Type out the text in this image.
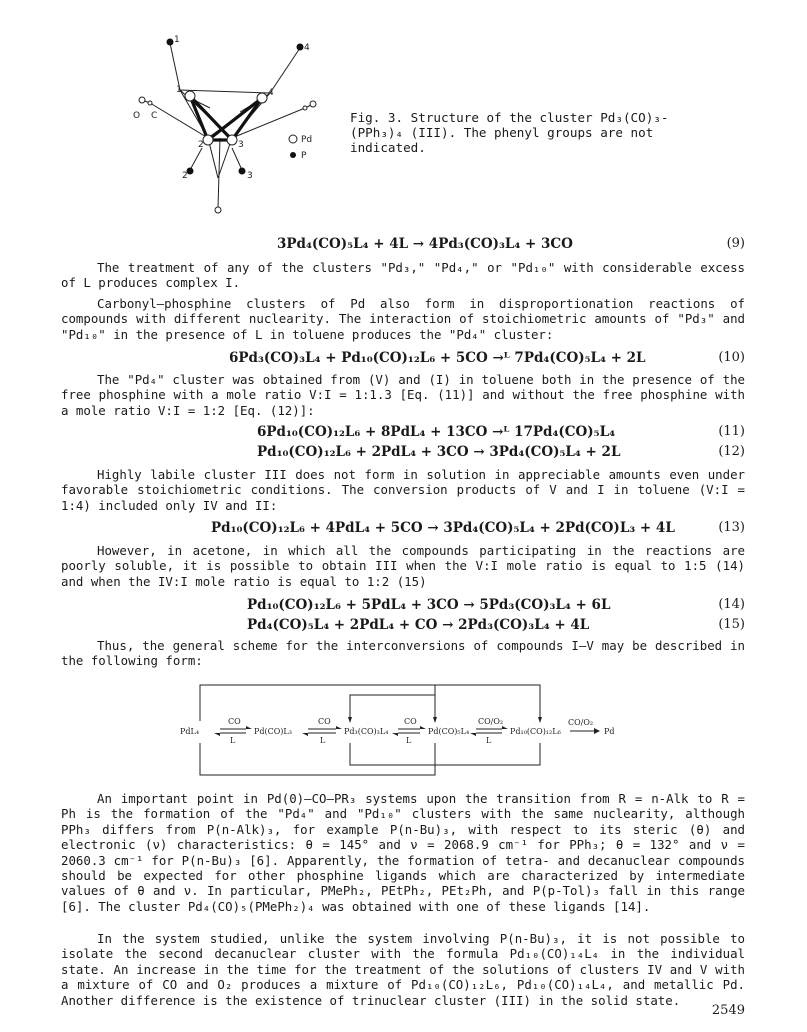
1
4
1	4
2	3
2	3
O C
Pd
P
Fig. 3. Structure of the cluster Pd₃(CO)₃-(PPh₃)₄ (III). The phenyl groups are not indicated.
3Pd₄(CO)₅L₄ + 4L → 4Pd₃(CO)₃L₄ + 3CO	(9)

The treatment of any of the clusters "Pd₃," "Pd₄," or "Pd₁₀" with considerable excess of L produces complex I.

Carbonyl–phosphine clusters of Pd also form in disproportionation reactions of compounds with different nuclearity. The interaction of stoichiometric amounts of "Pd₃" and "Pd₁₀" in the presence of L in toluene produces the "Pd₄" cluster:

6Pd₃(CO)₃L₄ + Pd₁₀(CO)₁₂L₆ + 5CO →ᴸ 7Pd₄(CO)₅L₄ + 2L	(10)

The "Pd₄" cluster was obtained from (V) and (I) in toluene both in the presence of the free phosphine with a mole ratio V:I = 1:1.3 [Eq. (11)] and without the free phosphine with a mole ratio V:I = 1:2 [Eq. (12)]:

6Pd₁₀(CO)₁₂L₆ + 8PdL₄ + 13CO →ᴸ 17Pd₄(CO)₅L₄	(11)
Pd₁₀(CO)₁₂L₆ + 2PdL₄ + 3CO → 3Pd₄(CO)₅L₄ + 2L	(12)

Highly labile cluster III does not form in solution in appreciable amounts even under favorable stoichiometric conditions. The conversion products of V and I in toluene (V:I = 1:4) included only IV and II:

Pd₁₀(CO)₁₂L₆ + 4PdL₄ + 5CO → 3Pd₄(CO)₅L₄ + 2Pd(CO)L₃ + 4L	(13)

However, in acetone, in which all the compounds participating in the reactions are poorly soluble, it is possible to obtain III when the V:I mole ratio is equal to 1:5 (14) and when the IV:I mole ratio is equal to 1:2 (15)

Pd₁₀(CO)₁₂L₆ + 5PdL₄ + 3CO → 5Pd₃(CO)₃L₄ + 6L	(14)
Pd₄(CO)₅L₄ + 2PdL₄ + CO → 2Pd₃(CO)₃L₄ + 4L	(15)

Thus, the general scheme for the interconversions of compounds I–V may be described in the following form:

PdL₄	Pd(CO)L₃	Pd₃(CO)₃L₄	Pd(CO)₅L₄	Pd₁₀(CO)₁₂L₆	Pd
CO
L
CO
L
CO
L
CO/O₂
L
CO/O₂

An important point in Pd(0)–CO–PR₃ systems upon the transition from R = n-Alk to R = Ph is the formation of the "Pd₄" and "Pd₁₀" clusters with the same nuclearity, although PPh₃ differs from P(n-Alk)₃, for example P(n-Bu)₃, with respect to its steric (θ) and electronic (ν) characteristics: θ = 145° and ν = 2068.9 cm⁻¹ for PPh₃; θ = 132° and ν = 2060.3 cm⁻¹ for P(n-Bu)₃ [6]. Apparently, the formation of tetra- and decanuclear compounds should be expected for other phosphine ligands which are characterized by intermediate values of θ and ν. In particular, PMePh₂, PEtPh₂, PEt₂Ph, and P(p-Tol)₃ fall in this range [6]. The cluster Pd₄(CO)₅(PMePh₂)₄ was obtained with one of these ligands [14].

In the system studied, unlike the system involving P(n-Bu)₃, it is not possible to isolate the second decanuclear cluster with the formula Pd₁₀(CO)₁₄L₄ in the individual state. An increase in the time for the treatment of the solutions of clusters IV and V with a mixture of CO and O₂ produces a mixture of Pd₁₀(CO)₁₂L₆, Pd₁₀(CO)₁₄L₄, and metallic Pd. Another difference is the existence of trinuclear cluster (III) in the solid state.

2549
